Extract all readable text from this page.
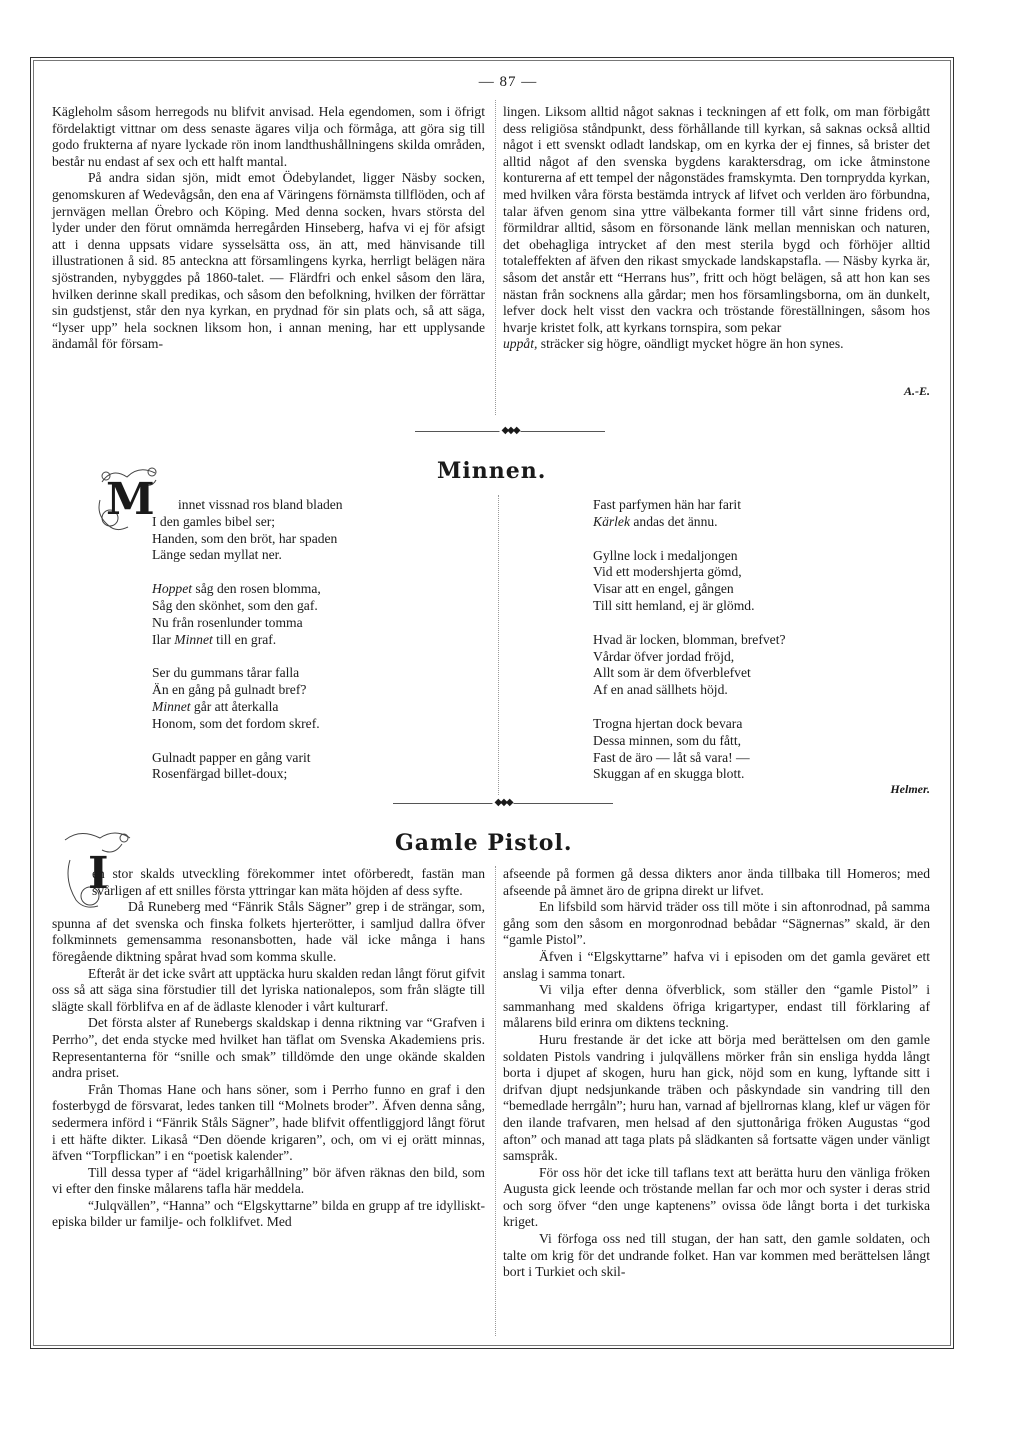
— 87 —

Kägleholm såsom herregods nu blifvit anvisad. Hela egendomen, som i öfrigt fördelaktigt vittnar om dess senaste ägares vilja och förmåga, att göra sig till godo frukterna af nyare lyckade rön inom landthushållningens skilda områden, består nu endast af sex och ett halft mantal.

På andra sidan sjön, midt emot Ödebylandet, ligger Näsby socken, genomskuren af Wedevågsån, den ena af Väringens förnämsta tillflöden, och af jernvägen mellan Örebro och Köping. Med denna socken, hvars största del lyder under den förut omnämda herregården Hinseberg, hafva vi ej för afsigt att i denna uppsats vidare sysselsätta oss, än att, med hänvisande till illustrationen å sid. 85 anteckna att församlingens kyrka, herrligt belägen nära sjöstranden, nybyggdes på 1860-talet. — Flärdfri och enkel såsom den lära, hvilken derinne skall predikas, och såsom den befolkning, hvilken der förrättar sin gudstjenst, står den nya kyrkan, en prydnad för sin plats och, så att säga, “lyser upp” hela socknen liksom hon, i annan mening, har ett upplysande ändamål för försam-

lingen. Liksom alltid något saknas i teckningen af ett folk, om man förbigått dess religiösa ståndpunkt, dess förhållande till kyrkan, så saknas också alltid något i ett svenskt odladt landskap, om en kyrka der ej finnes, så brister det alltid något af den svenska bygdens karaktersdrag, om icke åtminstone konturerna af ett tempel der någonstädes framskymta. Den tornprydda kyrkan, med hvilken våra första bestämda intryck af lifvet och verlden äro förbundna, talar äfven genom sina yttre välbekanta former till vårt sinne fridens ord, förmildrar alltid, såsom en försonande länk mellan menniskan och naturen, det obehagliga intrycket af den mest sterila bygd och förhöjer alltid totaleffekten af äfven den rikast smyckade landskapstafla. — Näsby kyrka är, såsom det anstår ett “Herrans hus”, fritt och högt belägen, så att hon kan ses nästan från socknens alla gårdar; men hos församlingsborna, om än dunkelt, lefver dock helt visst den vackra och tröstande föreställningen, såsom hos hvarje kristet folk, att kyrkans tornspira, som pekar

uppåt, sträcker sig högre, oändligt mycket högre än hon synes.

A.-E.
◆◆◆
Minnen.
M innet vissnad ros bland bladen
I den gamles bibel ser;
Handen, som den bröt, har spaden
Länge sedan myllat ner.
Hoppet såg den rosen blomma,
Såg den skönhet, som den gaf.
Nu från rosenlunder tomma
Ilar Minnet till en graf.
Ser du gummans tårar falla
Än en gång på gulnadt bref?
Minnet går att återkalla
Honom, som det fordom skref.
Gulnadt papper en gång varit
Rosenfärgad billet-doux;
Fast parfymen hän har farit
Kärlek andas det ännu.
Gyllne lock i medaljongen
Vid ett modershjerta gömd,
Visar att en engel, gången
Till sitt hemland, ej är glömd.
Hvad är locken, blomman, brefvet?
Vårdar öfver jordad fröjd,
Allt som är dem öfverblefvet
Af en anad sällhets höjd.
Trogna hjertan dock bevara
Dessa minnen, som du fått,
Fast de äro — låt så vara! —
Skuggan af en skugga blott.
Helmer.
◆◆◆
Gamle Pistol.
I

en stor skalds utveckling förekommer intet oförberedt, fastän man svårligen af ett snilles första yttringar kan mäta höjden af dess syfte.

Då Runeberg med “Fänrik Ståls Sägner” grep i de strängar, som, spunna af det svenska och finska folkets hjerterötter, i samljud dallra öfver folkminnets gemensamma resonansbotten, hade väl icke många i hans föregående diktning spårat hvad som komma skulle.

Efteråt är det icke svårt att upptäcka huru skalden redan långt förut gifvit oss så att säga sina förstudier till det lyriska nationalepos, som från slägte till slägte skall förblifva en af de ädlaste klenoder i vårt kulturarf.

Det första alster af Runebergs skaldskap i denna riktning var “Grafven i Perrho”, det enda stycke med hvilket han täflat om Svenska Akademiens pris. Representanterna för “snille och smak” tilldömde den unge okände skalden andra priset.

Från Thomas Hane och hans söner, som i Perrho funno en graf i den fosterbygd de försvarat, ledes tanken till “Molnets broder”. Äfven denna sång, sedermera införd i “Fänrik Ståls Sägner”, hade blifvit offentliggjord långt förut i ett häfte dikter. Likaså “Den döende krigaren”, och, om vi ej orätt minnas, äfven “Torpflickan” i en “poetisk kalender”.

Till dessa typer af “ädel krigarhållning” bör äfven räknas den bild, som vi efter den finske målarens tafla här meddela.

“Julqvällen”, “Hanna” och “Elgskyttarne” bilda en grupp af tre idylliskt-episka bilder ur familje- och folklifvet. Med

afseende på formen gå dessa dikters anor ända tillbaka till Homeros; med afseende på ämnet äro de gripna direkt ur lifvet.

En lifsbild som härvid träder oss till möte i sin aftonrodnad, på samma gång som den såsom en morgonrodnad bebådar “Sägnernas” skald, är den “gamle Pistol”.

Äfven i “Elgskyttarne” hafva vi i episoden om det gamla geväret ett anslag i samma tonart.

Vi vilja efter denna öfverblick, som ställer den “gamle Pistol” i sammanhang med skaldens öfriga krigartyper, endast till förklaring af målarens bild erinra om diktens teckning.

Huru frestande är det icke att börja med berättelsen om den gamle soldaten Pistols vandring i julqvällens mörker från sin ensliga hydda långt borta i djupet af skogen, huru han gick, nöjd som en kung, lyftande sitt i drifvan djupt nedsjunkande träben och påskyndade sin vandring till den “bemedlade herrgåln”; huru han, varnad af bjellrornas klang, klef ur vägen för den ilande trafvaren, men helsad af den sjuttonåriga fröken Augustas “god afton” och manad att taga plats på slädkanten så fortsatte vägen under vänligt samspråk.

För oss hör det icke till taflans text att berätta huru den vänliga fröken Augusta gick leende och tröstande mellan far och mor och syster i deras strid och sorg öfver “den unge kaptenens” ovissa öde långt borta i det turkiska kriget.

Vi förfoga oss ned till stugan, der han satt, den gamle soldaten, och talte om krig för det undrande folket. Han var kommen med berättelsen långt bort i Turkiet och skil-
